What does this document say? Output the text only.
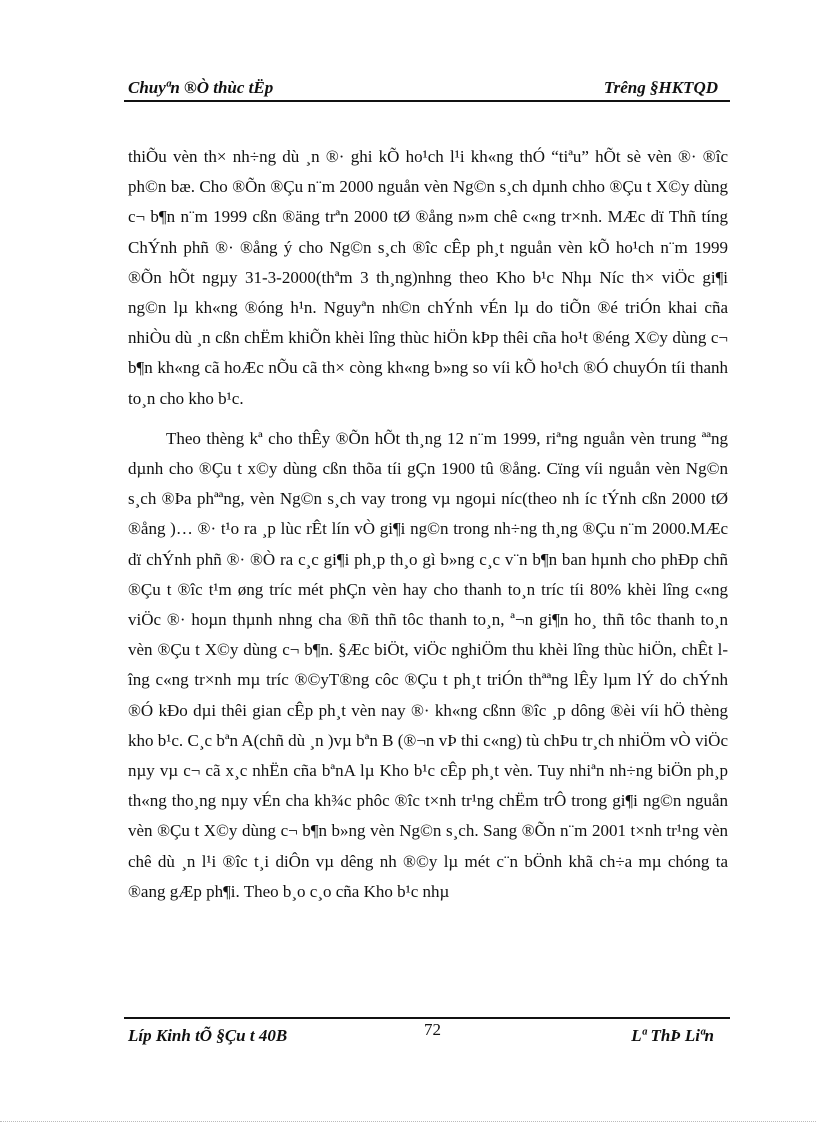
Chuyªn ®Ò thùc tËp	Trêng §HKTQD

thiÕu vèn th× nh÷ng dù ¸n ®· ghi kÕ ho¹ch l¹i kh«ng thÓ “tiªu” hÕt sè vèn ®· ®îc ph©n bæ. Cho ®Õn ®Çu n¨m 2000 nguån vèn Ng©n s¸ch dµnh chho ®Çu t X©y dùng c¬ b¶n n¨m 1999 cßn ®äng trªn 2000 tØ ®ång n»m chê c«ng tr×nh. MÆc dï Thñ tíng ChÝnh phñ ®· ®ång ý cho Ng©n s¸ch ®îc cÊp ph¸t nguån vèn kÕ ho¹ch n¨m 1999 ®Õn hÕt ngµy 31-3-2000(thªm 3 th¸ng)nhng theo Kho b¹c Nhµ Níc th× viÖc gi¶i ng©n lµ kh«ng ®óng h¹n. Nguyªn nh©n chÝnh vÉn lµ do tiÕn ®é triÓn khai cña nhiÒu dù ¸n cßn chËm khiÕn khèi lîng thùc hiÖn kÞp thêi cña ho¹t ®éng X©y dùng c¬ b¶n kh«ng cã hoÆc nÕu cã th× còng kh«ng b»ng so víi kÕ ho¹ch ®Ó chuyÓn tíi thanh to¸n cho kho b¹c.

Theo thèng kª cho thÊy ®Õn hÕt th¸ng 12 n¨m 1999, riªng nguån vèn trung ªªng dµnh cho ®Çu t x©y dùng cßn thõa tíi gÇn 1900 tû ®ång. Cïng víi nguån vèn Ng©n s¸ch ®Þa phªªng, vèn Ng©n s¸ch vay trong vµ ngoµi níc(theo nh íc tÝnh cßn 2000 tØ ®ång )… ®· t¹o ra ¸p lùc rÊt lín vÒ gi¶i ng©n trong nh÷ng th¸ng ®Çu n¨m 2000.MÆc dï chÝnh phñ ®· ®Ò ra c¸c gi¶i ph¸p th¸o gì b»ng c¸c v¨n b¶n ban hµnh cho phÐp chñ ®Çu t ®îc t¹m øng tríc mét phÇn vèn hay cho thanh to¸n tríc tíi 80% khèi lîng c«ng viÖc ®· hoµn thµnh nhng cha ®ñ thñ tôc thanh to¸n, ª¬n gi¶n ho¸ thñ tôc thanh to¸n vèn ®Çu t X©y dùng c¬ b¶n. §Æc biÖt, viÖc nghiÖm thu khèi lîng thùc hiÖn, chÊt lîng c«ng tr×nh mµ tríc ®©yT®ng côc ®Çu t ph¸t triÓn thªªng lÊy lµm lÝ do chÝnh ®Ó kÐo dµi thêi gian cÊp ph¸t vèn nay ®· kh«ng cßnn ®îc ¸p dông ®èi víi hÖ thèng kho b¹c. C¸c bªn A(chñ dù ¸n )vµ bªn B (®¬n vÞ thi c«ng) tù chÞu tr¸ch nhiÖm vÒ viÖc nµy vµ c¬ cã x¸c nhËn cña bªnA lµ Kho b¹c cÊp ph¸t vèn. Tuy nhiªn nh÷ng biÖn ph¸p th«ng tho¸ng nµy vÉn cha kh¾c phôc ®îc t×nh tr¹ng chËm trÔ trong gi¶i ng©n nguån vèn ®Çu t X©y dùng c¬ b¶n b»ng vèn Ng©n s¸ch. Sang ®Õn n¨m 2001 t×nh tr¹ng vèn chê dù ¸n l¹i ®îc t¸i diÔn vµ dêng nh ®©y lµ mét c¨n bÖnh khã ch÷a mµ chóng ta ®ang gÆp ph¶i. Theo b¸o c¸o cña Kho b¹c nhµ

Líp Kinh tÕ §Çu t 40B	72	Lª ThÞ Liªn
